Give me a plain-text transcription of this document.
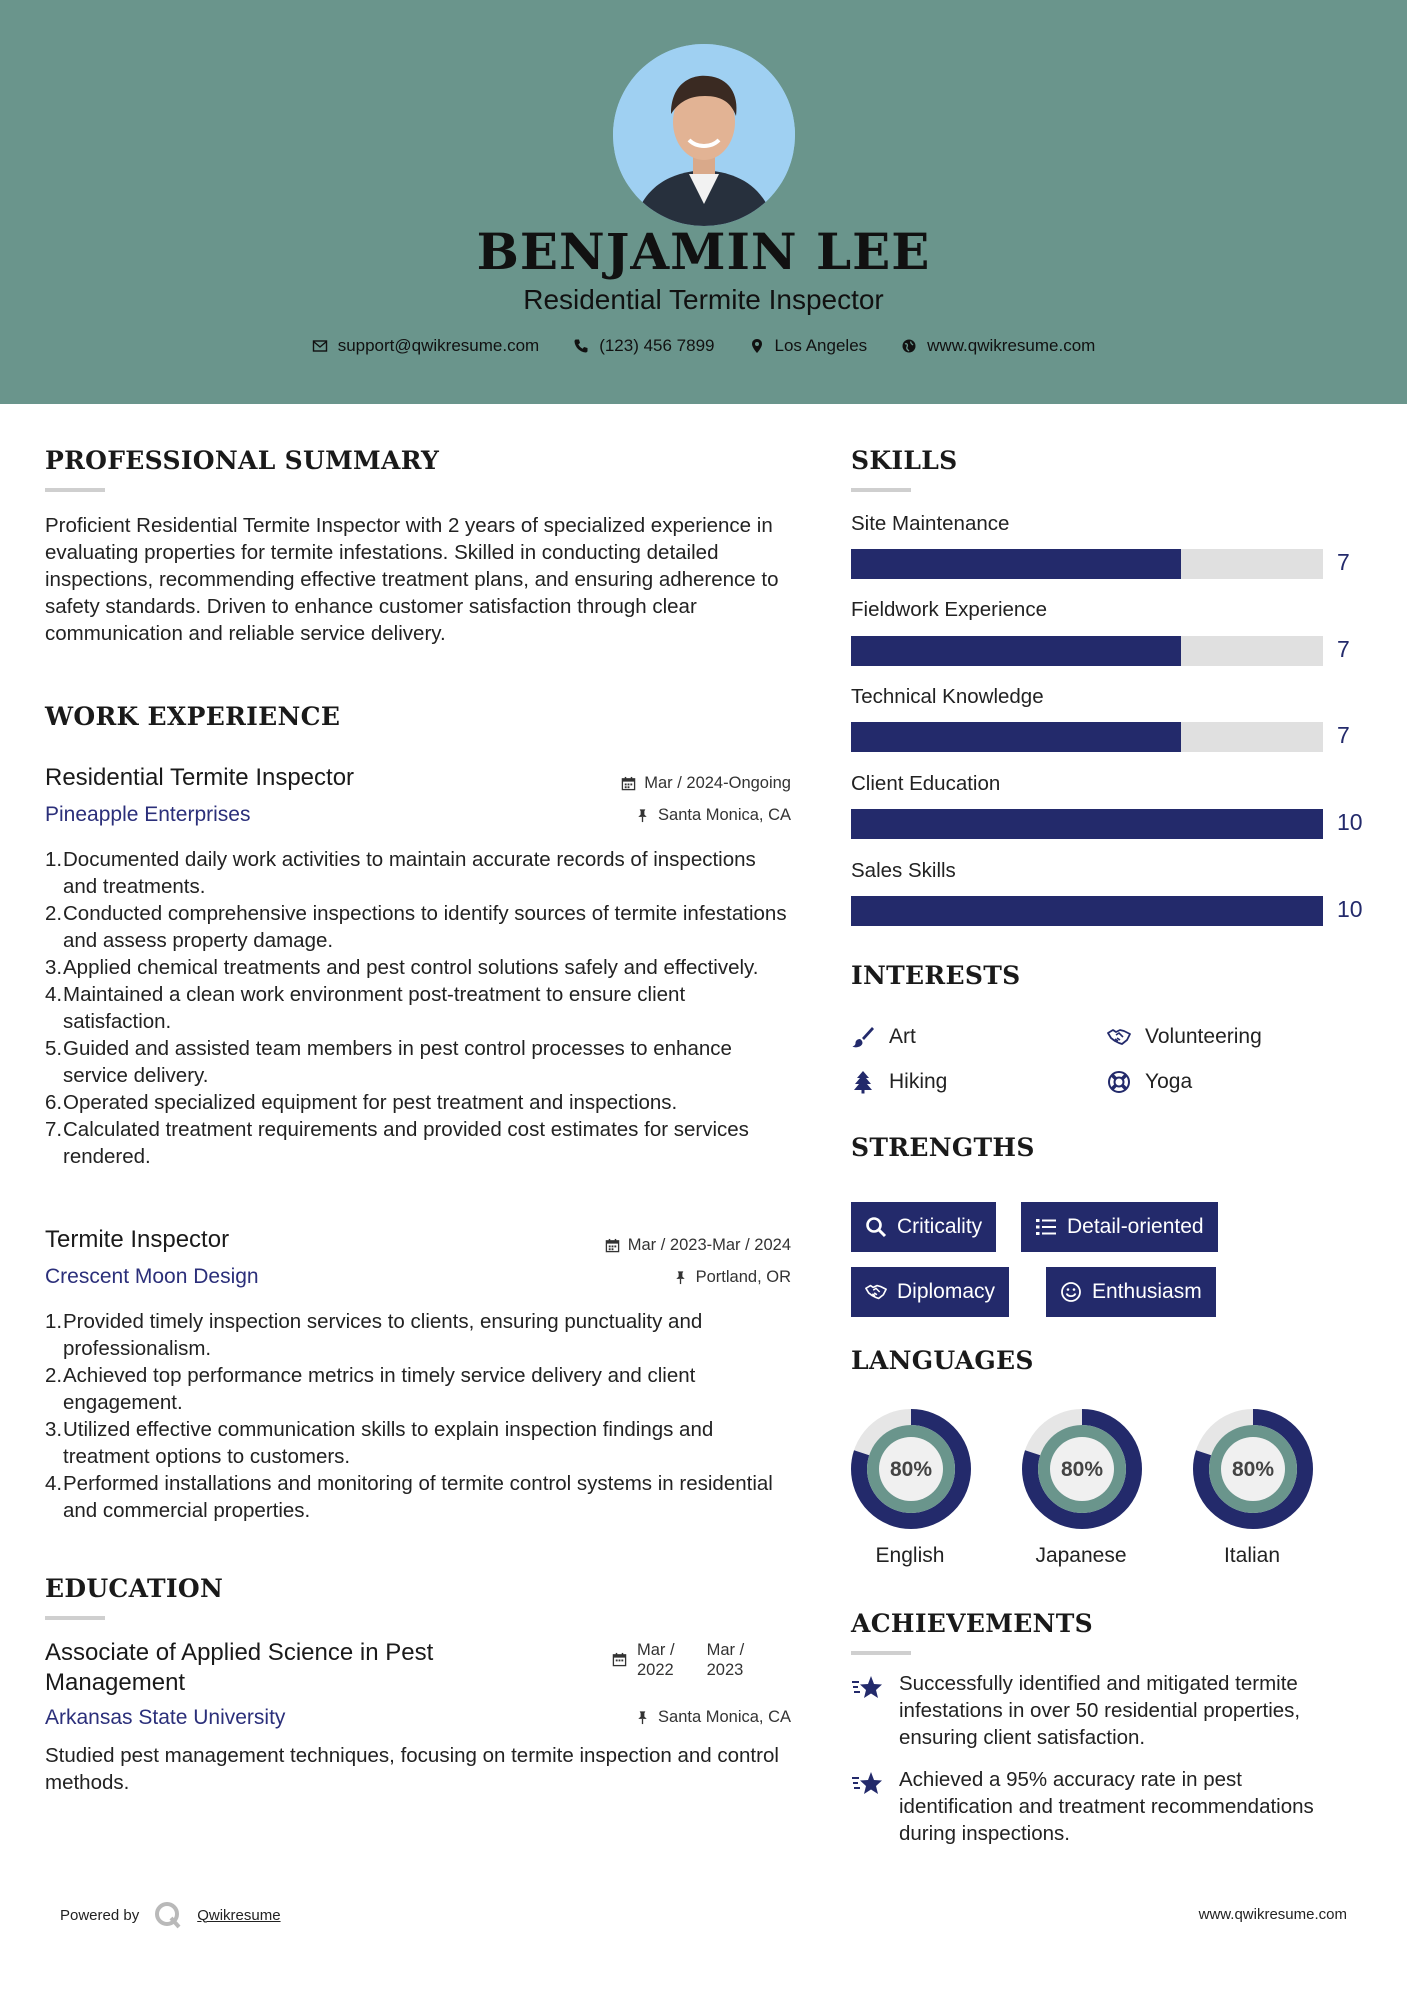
BENJAMIN LEE
Residential Termite Inspector
support@qwikresume.com	(123) 456 7899	Los Angeles	www.qwikresume.com
PROFESSIONAL SUMMARY
Proficient Residential Termite Inspector with 2 years of specialized experience in evaluating properties for termite infestations. Skilled in conducting detailed inspections, recommending effective treatment plans, and ensuring adherence to safety standards. Driven to enhance customer satisfaction through clear communication and reliable service delivery.
WORK EXPERIENCE
Residential Termite Inspector
Pineapple Enterprises
Mar / 2024-Ongoing
Santa Monica, CA
1. Documented daily work activities to maintain accurate records of inspections and treatments.
2. Conducted comprehensive inspections to identify sources of termite infestations and assess property damage.
3. Applied chemical treatments and pest control solutions safely and effectively.
4. Maintained a clean work environment post-treatment to ensure client satisfaction.
5. Guided and assisted team members in pest control processes to enhance service delivery.
6. Operated specialized equipment for pest treatment and inspections.
7. Calculated treatment requirements and provided cost estimates for services rendered.
Termite Inspector
Crescent Moon Design
Mar / 2023-Mar / 2024
Portland, OR
1. Provided timely inspection services to clients, ensuring punctuality and professionalism.
2. Achieved top performance metrics in timely service delivery and client engagement.
3. Utilized effective communication skills to explain inspection findings and treatment options to customers.
4. Performed installations and monitoring of termite control systems in residential and commercial properties.
EDUCATION
Associate of Applied Science in Pest Management
Arkansas State University
Mar /
2022
Mar /
2023
Santa Monica, CA
Studied pest management techniques, focusing on termite inspection and control methods.
SKILLS
Site Maintenance
7
Fieldwork Experience
7
Technical Knowledge
7
Client Education
10
Sales Skills
10
INTERESTS
Art	Volunteering
Hiking	Yoga
STRENGTHS
Criticality	Detail-oriented
Diplomacy	Enthusiasm
LANGUAGES
80%
English
80%
Japanese
80%
Italian
ACHIEVEMENTS
Successfully identified and mitigated termite infestations in over 50 residential properties, ensuring client satisfaction.
Achieved a 95% accuracy rate in pest identification and treatment recommendations during inspections.
Powered by	Qwikresume	www.qwikresume.com
